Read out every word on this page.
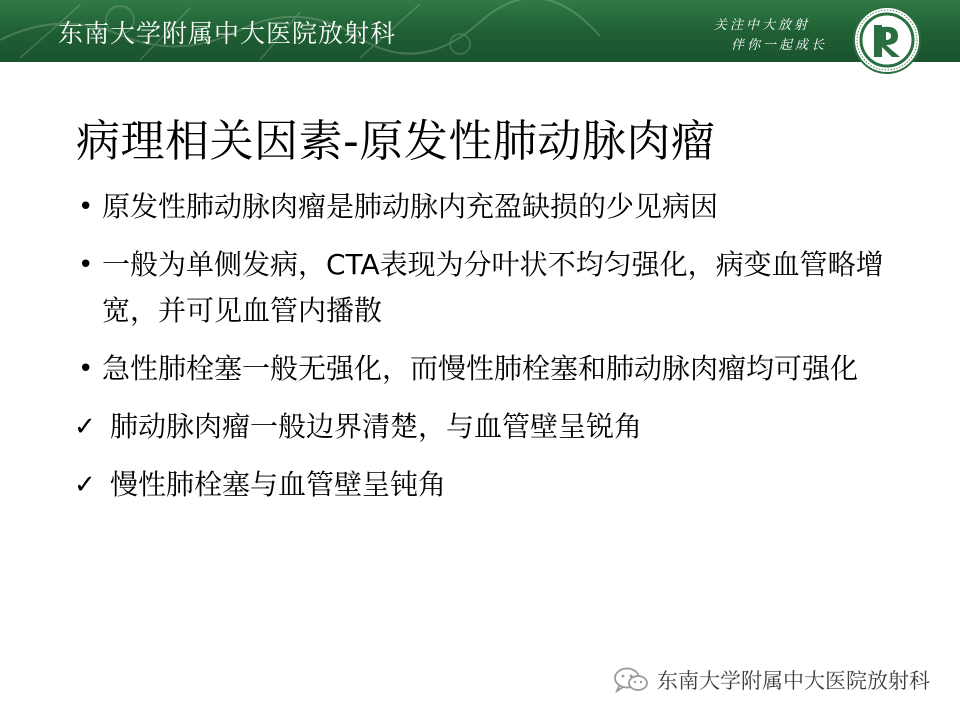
东南大学附属中大医院放射科	关注中大放射
伴你一起成长
病理相关因素-原发性肺动脉肉瘤
• 原发性肺动脉肉瘤是肺动脉内充盈缺损的少见病因
• 一般为单侧发病，CTA表现为分叶状不均匀强化，病变血管略增宽，并可见血管内播散
• 急性肺栓塞一般无强化，而慢性肺栓塞和肺动脉肉瘤均可强化
✓ 肺动脉肉瘤一般边界清楚，与血管壁呈锐角
✓ 慢性肺栓塞与血管壁呈钝角
东南大学附属中大医院放射科
